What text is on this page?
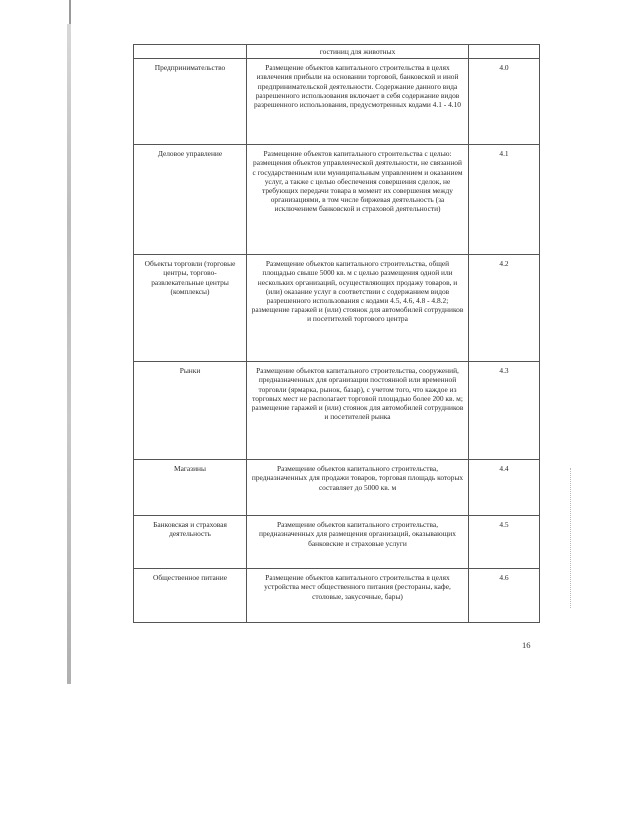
	гостиниц для животных	
Предпринимательство	Размещение объектов капитального строительства в целях извлечения прибыли на основании торговой, банковской и иной предпринимательской деятельности. Содержание данного вида разрешенного использования включает в себя содержание видов разрешенного использования, предусмотренных кодами 4.1 - 4.10	4.0
Деловое управление	Размещение объектов капитального строительства с целью: размещения объектов управленческой деятельности, не связанной с государственным или муниципальным управлением и оказанием услуг, а также с целью обеспечения совершения сделок, не требующих передачи товара в момент их совершения между организациями, в том числе биржевая деятельность (за исключением банковской и страховой деятельности)	4.1
Объекты торговли (торговые центры, торгово-развлекательные центры (комплексы)	Размещение объектов капитального строительства, общей площадью свыше 5000 кв. м с целью размещения одной или нескольких организаций, осуществляющих продажу товаров, и (или) оказание услуг в соответствии с содержанием видов разрешенного использования с кодами 4.5, 4.6, 4.8 - 4.8.2; размещение гаражей и (или) стоянок для автомобилей сотрудников и посетителей торгового центра	4.2
Рынки	Размещение объектов капитального строительства, сооружений, предназначенных для организации постоянной или временной торговли (ярмарка, рынок, базар), с учетом того, что каждое из торговых мест не располагает торговой площадью более 200 кв. м; размещение гаражей и (или) стоянок для автомобилей сотрудников и посетителей рынка	4.3
Магазины	Размещение объектов капитального строительства, предназначенных для продажи товаров, торговая площадь которых составляет до 5000 кв. м	4.4
Банковская и страховая деятельность	Размещение объектов капитального строительства, предназначенных для размещения организаций, оказывающих банковские и страховые услуги	4.5
Общественное питание	Размещение объектов капитального строительства в целях устройства мест общественного питания (рестораны, кафе, столовые, закусочные, бары)	4.6
16
